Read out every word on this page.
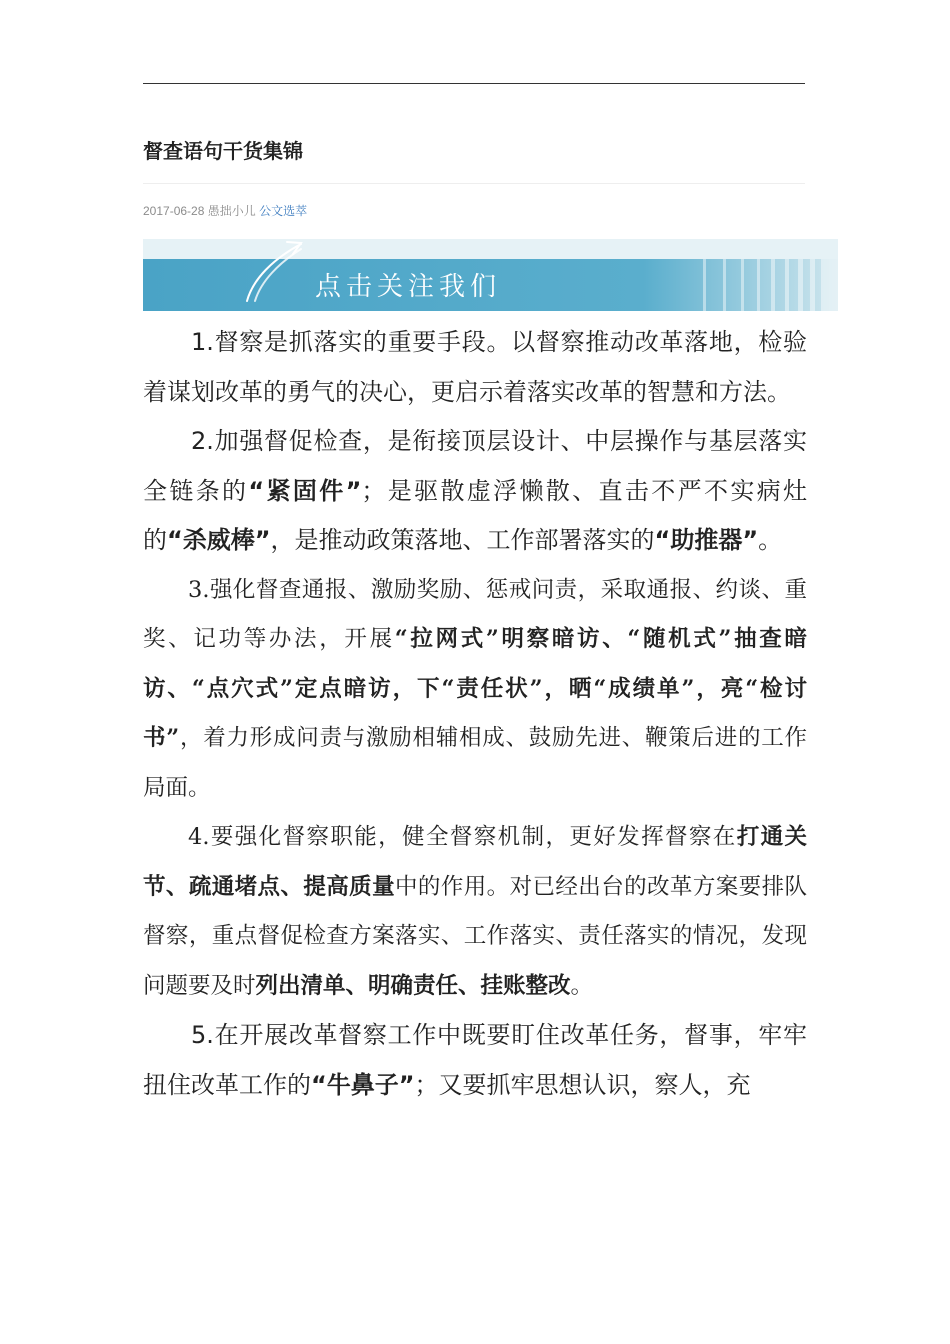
督查语句干货集锦
2017-06-28 愚拙小儿 公文选萃
点击关注我们

1.督察是抓落实的重要手段。以督察推动改革落地，检验着谋划改革的勇气的决心，更启示着落实改革的智慧和方法。

2.加强督促检查，是衔接顶层设计、中层操作与基层落实全链条的“紧固件”；是驱散虚浮懒散、直击不严不实病灶的“杀威棒”，是推动政策落地、工作部署落实的“助推器”。

3.强化督查通报、激励奖励、惩戒问责，采取通报、约谈、重奖、记功等办法，开展“拉网式”明察暗访、“随机式”抽查暗访、“点穴式”定点暗访，下“责任状”，晒“成绩单”，亮“检讨书”，着力形成问责与激励相辅相成、鼓励先进、鞭策后进的工作局面。

4.要强化督察职能，健全督察机制，更好发挥督察在打通关节、疏通堵点、提高质量中的作用。对已经出台的改革方案要排队督察，重点督促检查方案落实、工作落实、责任落实的情况，发现问题要及时列出清单、明确责任、挂账整改。

5.在开展改革督察工作中既要盯住改革任务，督事，牢牢扭住改革工作的“牛鼻子”；又要抓牢思想认识，察人，充
